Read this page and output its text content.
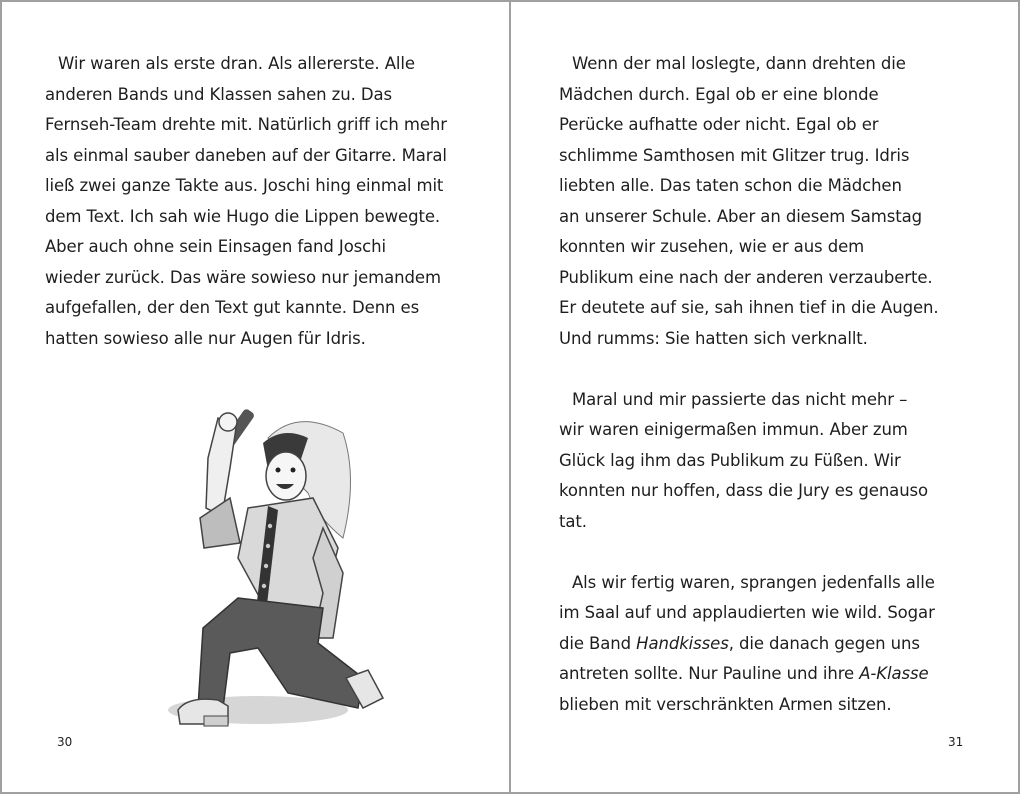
Wir waren als erste dran. Als allererste. Alle
anderen Bands und Klassen sahen zu. Das
Fernseh-Team drehte mit. Natürlich griff ich mehr
als einmal sauber daneben auf der Gitarre. Maral
ließ zwei ganze Takte aus. Joschi hing einmal mit
dem Text. Ich sah wie Hugo die Lippen bewegte.
Aber auch ohne sein Einsagen fand Joschi
wieder zurück. Das wäre sowieso nur jemandem
aufgefallen, der den Text gut kannte. Denn es
hatten sowieso alle nur Augen für Idris.
30
Wenn der mal loslegte, dann drehten die
Mädchen durch. Egal ob er eine blonde
Perücke aufhatte oder nicht. Egal ob er
schlimme Samthosen mit Glitzer trug. Idris
liebten alle. Das taten schon die Mädchen
an unserer Schule. Aber an diesem Samstag
konnten wir zusehen, wie er aus dem
Publikum eine nach der anderen verzauberte.
Er deutete auf sie, sah ihnen tief in die Augen.
Und rumms: Sie hatten sich verknallt.
Maral und mir passierte das nicht mehr –
wir waren einigermaßen immun. Aber zum
Glück lag ihm das Publikum zu Füßen. Wir
konnten nur hoffen, dass die Jury es genauso
tat.
Als wir fertig waren, sprangen jedenfalls alle
im Saal auf und applaudierten wie wild. Sogar
die Band Handkisses, die danach gegen uns
antreten sollte. Nur Pauline und ihre A-Klasse
blieben mit verschränkten Armen sitzen.
31
